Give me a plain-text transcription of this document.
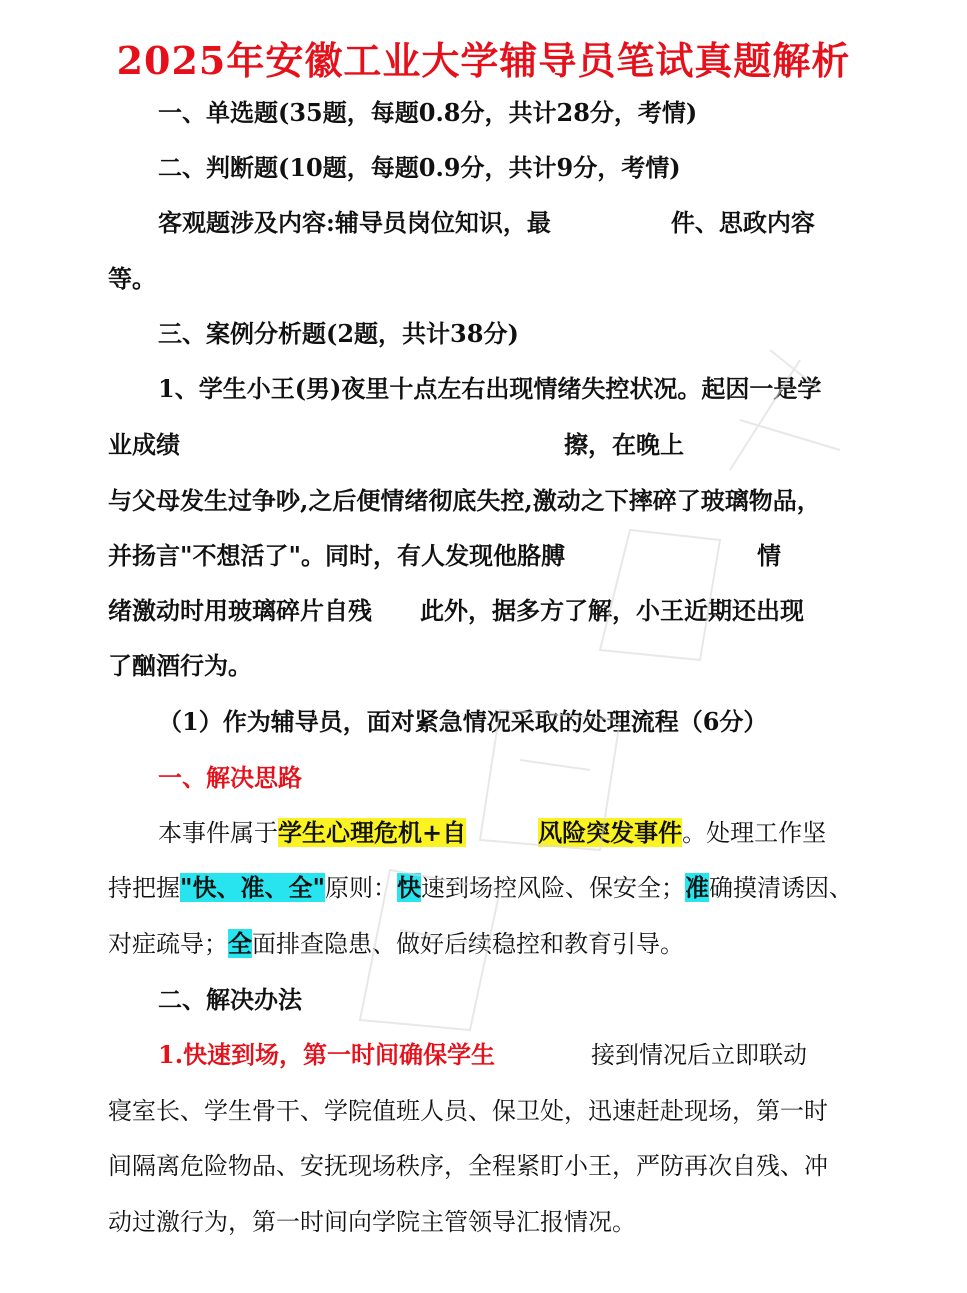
2025年安徽工业大学辅导员笔试真题解析
一、单选题(35题，每题0.8分，共计28分，考情)
二、判断题(10题，每题0.9分，共计9分，考情)
客观题涉及内容:辅导员岗位知识，最　　　　　件、思政内容
等。
三、案例分析题(2题，共计38分)
1、学生小王(男)夜里十点左右出现情绪失控状况。起因一是学
业成绩　　　　　　　　　　　　　　　　擦，在晚上
与父母发生过争吵,之后便情绪彻底失控,激动之下摔碎了玻璃物品，
并扬言"不想活了"。同时，有人发现他胳膊　　　　　　　　情
绪激动时用玻璃碎片自残　　此外，据多方了解，小王近期还出现
了酗酒行为。
（1）作为辅导员，面对紧急情况采取的处理流程（6分）
一、解决思路
本事件属于学生心理危机+自　　　	风险突发事件。处理工作坚
持把握"快、准、全"原则：快速到场控风险、保安全；准确摸清诱因、
对症疏导；全面排查隐患、做好后续稳控和教育引导。
二、解决办法
1.快速到场，第一时间确保学生　　　　接到情况后立即联动
寝室长、学生骨干、学院值班人员、保卫处，迅速赶赴现场，第一时
间隔离危险物品、安抚现场秩序，全程紧盯小王，严防再次自残、冲
动过激行为，第一时间向学院主管领导汇报情况。
